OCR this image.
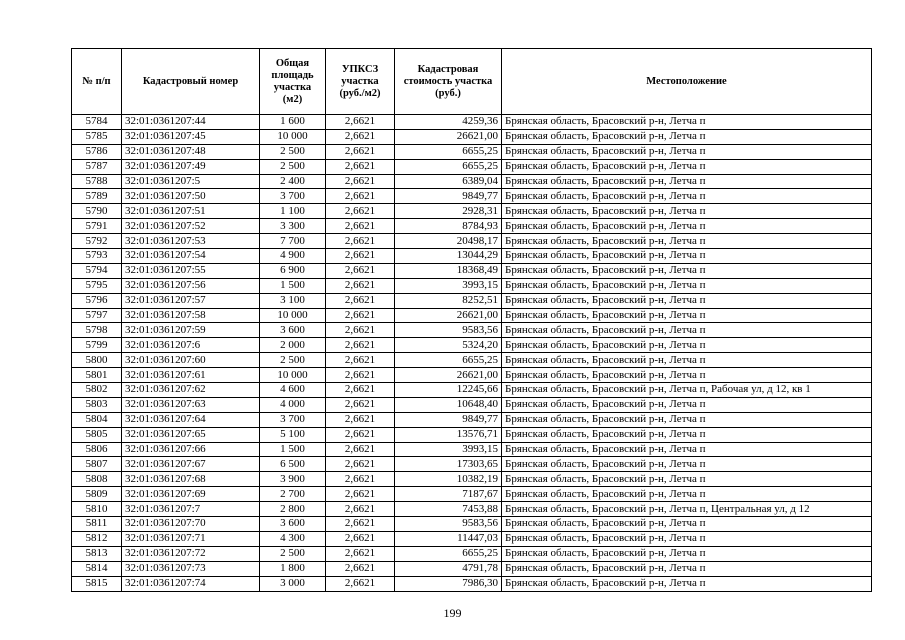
№ п/п	Кадастровый номер	Общая площадь участка (м2)	УПКСЗ участка (руб./м2)	Кадастровая стоимость участка (руб.)	Местоположение
5784	32:01:0361207:44	1 600	2,6621	4259,36	Брянская область, Брасовский р-н, Летча п
5785	32:01:0361207:45	10 000	2,6621	26621,00	Брянская область, Брасовский р-н, Летча п
5786	32:01:0361207:48	2 500	2,6621	6655,25	Брянская область, Брасовский р-н, Летча п
5787	32:01:0361207:49	2 500	2,6621	6655,25	Брянская область, Брасовский р-н, Летча п
5788	32:01:0361207:5	2 400	2,6621	6389,04	Брянская область, Брасовский р-н, Летча п
5789	32:01:0361207:50	3 700	2,6621	9849,77	Брянская область, Брасовский р-н, Летча п
5790	32:01:0361207:51	1 100	2,6621	2928,31	Брянская область, Брасовский р-н, Летча п
5791	32:01:0361207:52	3 300	2,6621	8784,93	Брянская область, Брасовский р-н, Летча п
5792	32:01:0361207:53	7 700	2,6621	20498,17	Брянская область, Брасовский р-н, Летча п
5793	32:01:0361207:54	4 900	2,6621	13044,29	Брянская область, Брасовский р-н, Летча п
5794	32:01:0361207:55	6 900	2,6621	18368,49	Брянская область, Брасовский р-н, Летча п
5795	32:01:0361207:56	1 500	2,6621	3993,15	Брянская область, Брасовский р-н, Летча п
5796	32:01:0361207:57	3 100	2,6621	8252,51	Брянская область, Брасовский р-н, Летча п
5797	32:01:0361207:58	10 000	2,6621	26621,00	Брянская область, Брасовский р-н, Летча п
5798	32:01:0361207:59	3 600	2,6621	9583,56	Брянская область, Брасовский р-н, Летча п
5799	32:01:0361207:6	2 000	2,6621	5324,20	Брянская область, Брасовский р-н, Летча п
5800	32:01:0361207:60	2 500	2,6621	6655,25	Брянская область, Брасовский р-н, Летча п
5801	32:01:0361207:61	10 000	2,6621	26621,00	Брянская область, Брасовский р-н, Летча п
5802	32:01:0361207:62	4 600	2,6621	12245,66	Брянская область, Брасовский р-н, Летча п, Рабочая ул, д 12, кв 1
5803	32:01:0361207:63	4 000	2,6621	10648,40	Брянская область, Брасовский р-н, Летча п
5804	32:01:0361207:64	3 700	2,6621	9849,77	Брянская область, Брасовский р-н, Летча п
5805	32:01:0361207:65	5 100	2,6621	13576,71	Брянская область, Брасовский р-н, Летча п
5806	32:01:0361207:66	1 500	2,6621	3993,15	Брянская область, Брасовский р-н, Летча п
5807	32:01:0361207:67	6 500	2,6621	17303,65	Брянская область, Брасовский р-н, Летча п
5808	32:01:0361207:68	3 900	2,6621	10382,19	Брянская область, Брасовский р-н, Летча п
5809	32:01:0361207:69	2 700	2,6621	7187,67	Брянская область, Брасовский р-н, Летча п
5810	32:01:0361207:7	2 800	2,6621	7453,88	Брянская область, Брасовский р-н, Летча п, Центральная ул, д 12
5811	32:01:0361207:70	3 600	2,6621	9583,56	Брянская область, Брасовский р-н, Летча п
5812	32:01:0361207:71	4 300	2,6621	11447,03	Брянская область, Брасовский р-н, Летча п
5813	32:01:0361207:72	2 500	2,6621	6655,25	Брянская область, Брасовский р-н, Летча п
5814	32:01:0361207:73	1 800	2,6621	4791,78	Брянская область, Брасовский р-н, Летча п
5815	32:01:0361207:74	3 000	2,6621	7986,30	Брянская область, Брасовский р-н, Летча п
199
